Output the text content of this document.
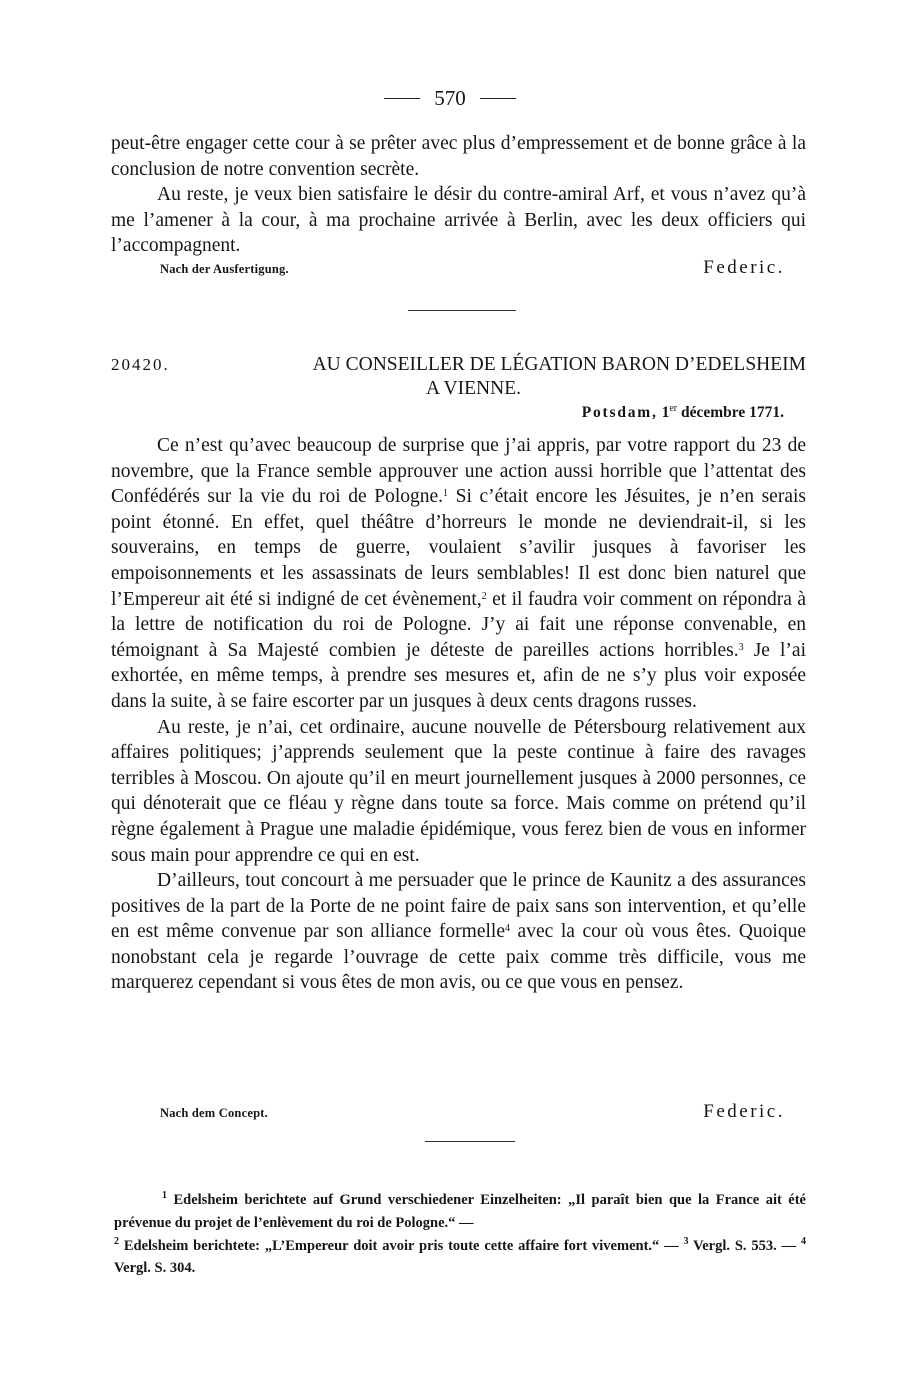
570

peut-être engager cette cour à se prêter avec plus d’empressement et de bonne grâce à la conclusion de notre convention secrète.

Au reste, je veux bien satisfaire le désir du contre-amiral Arf, et vous n’avez qu’à me l’amener à la cour, à ma prochaine arrivée à Berlin, avec les deux officiers qui l’accompagnent.

Nach der Ausfertigung.	Federic.
20420.	AU CONSEILLER DE LÉGATION BARON D’EDELSHEIM
A VIENNE.
Potsdam, 1er décembre 1771.

Ce n’est qu’avec beaucoup de surprise que j’ai appris, par votre rapport du 23 de novembre, que la France semble approuver une action aussi horrible que l’attentat des Confédérés sur la vie du roi de Pologne.$^1$ Si c’était encore les Jésuites, je n’en serais point étonné. En effet, quel théâtre d’horreurs le monde ne deviendrait-il, si les souverains, en temps de guerre, voulaient s’avilir jusques à favoriser les empoisonnements et les assassinats de leurs semblables! Il est donc bien naturel que l’Empereur ait été si indigné de cet évènement,$^2$ et il faudra voir comment on répondra à la lettre de notification du roi de Pologne. J’y ai fait une réponse convenable, en témoignant à Sa Majesté combien je déteste de pareilles actions horribles.$^3$ Je l’ai exhortée, en même temps, à prendre ses mesures et, afin de ne s’y plus voir exposée dans la suite, à se faire escorter par un jusques à deux cents dragons russes.

Au reste, je n’ai, cet ordinaire, aucune nouvelle de Pétersbourg relativement aux affaires politiques; j’apprends seulement que la peste continue à faire des ravages terribles à Moscou. On ajoute qu’il en meurt journellement jusques à 2000 personnes, ce qui dénoterait que ce fléau y règne dans toute sa force. Mais comme on prétend qu’il règne également à Prague une maladie épidémique, vous ferez bien de vous en informer sous main pour apprendre ce qui en est.

D’ailleurs, tout concourt à me persuader que le prince de Kaunitz a des assurances positives de la part de la Porte de ne point faire de paix sans son intervention, et qu’elle en est même convenue par son alliance formelle$^4$ avec la cour où vous êtes. Quoique nonobstant cela je regarde l’ouvrage de cette paix comme très difficile, vous me marquerez cependant si vous êtes de mon avis, ou ce que vous en pensez.

Nach dem Concept.	Federic.

$^1$ Edelsheim berichtete auf Grund verschiedener Einzelheiten: „Il paraît bien que la France ait été prévenue du projet de l’enlèvement du roi de Pologne.“ —

$^2$ Edelsheim berichtete: „L’Empereur doit avoir pris toute cette affaire fort vivement.“ — $^3$ Vergl. S. 553. — $^4$ Vergl. S. 304.
